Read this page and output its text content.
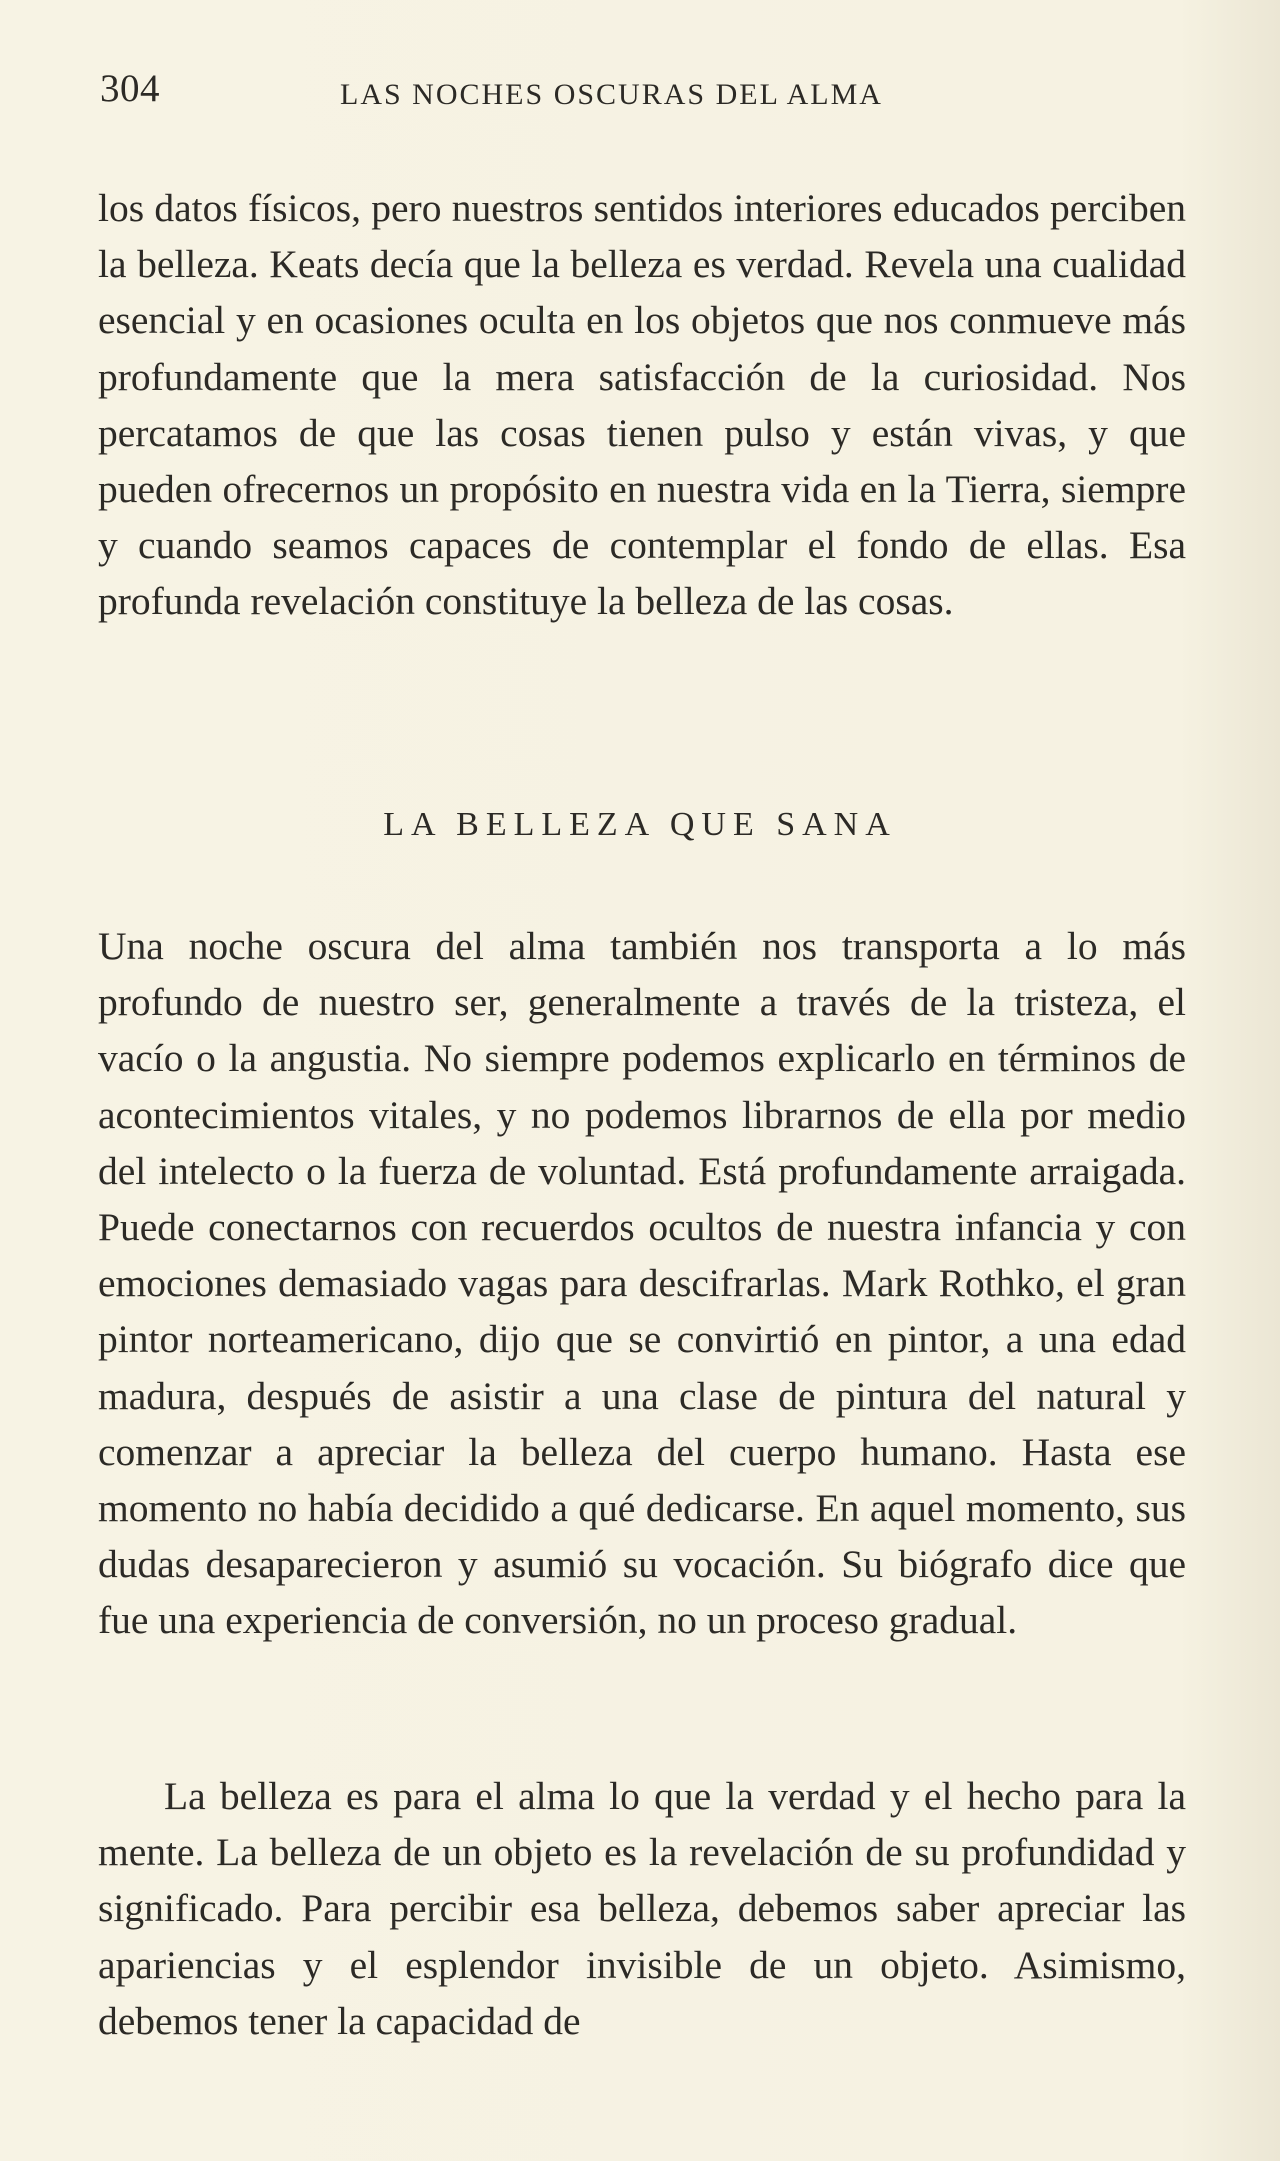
304	LAS NOCHES OSCURAS DEL ALMA

los datos físicos, pero nuestros sentidos interiores educados perciben la belleza. Keats decía que la belleza es verdad. Revela una cualidad esencial y en ocasiones oculta en los objetos que nos conmueve más profundamente que la mera satisfacción de la curiosidad. Nos percatamos de que las cosas tienen pulso y están vivas, y que pueden ofrecernos un propósito en nuestra vida en la Tierra, siempre y cuando seamos capaces de contemplar el fondo de ellas. Esa profunda revelación constituye la belleza de las cosas.

LA BELLEZA QUE SANA

Una noche oscura del alma también nos transporta a lo más profundo de nuestro ser, generalmente a través de la tristeza, el vacío o la angustia. No siempre podemos explicarlo en términos de acontecimientos vitales, y no podemos librarnos de ella por medio del intelecto o la fuerza de voluntad. Está profundamente arraigada. Puede conectarnos con recuerdos ocultos de nuestra infancia y con emociones demasiado vagas para descifrarlas. Mark Rothko, el gran pintor norteamericano, dijo que se convirtió en pintor, a una edad madura, después de asistir a una clase de pintura del natural y comenzar a apreciar la belleza del cuerpo humano. Hasta ese momento no había decidido a qué dedicarse. En aquel momento, sus dudas desaparecieron y asumió su vocación. Su biógrafo dice que fue una experiencia de conversión, no un proceso gradual.

La belleza es para el alma lo que la verdad y el hecho para la mente. La belleza de un objeto es la revelación de su profundidad y significado. Para percibir esa belleza, debemos saber apreciar las apariencias y el esplendor invisible de un objeto. Asimismo, debemos tener la capacidad de
